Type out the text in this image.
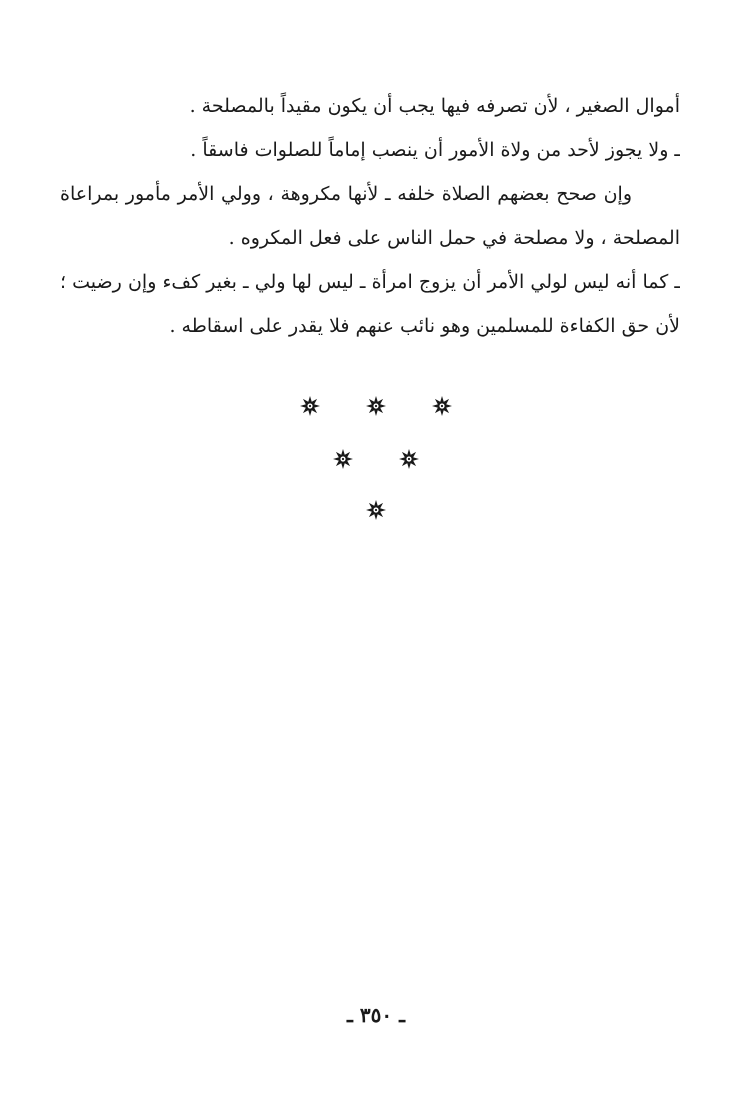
أموال الصغير ، لأن تصرفه فيها يجب أن يكون مقيداً بالمصلحة .
ـ ولا يجوز لأحد من ولاة الأمور أن ينصب إماماً للصلوات فاسقاً .
وإن صحح بعضهم الصلاة خلفه ـ لأنها مكروهة ، وولي الأمر مأمور بمراعاة
المصلحة ، ولا مصلحة في حمل الناس على فعل المكروه .
ـ كما أنه ليس لولي الأمر أن يزوج امرأة ـ ليس لها ولي ـ بغير كفء وإن رضيت ؛
لأن حق الكفاءة للمسلمين وهو نائب عنهم فلا يقدر على اسقاطه .
ـ ٣٥٠ ـ
